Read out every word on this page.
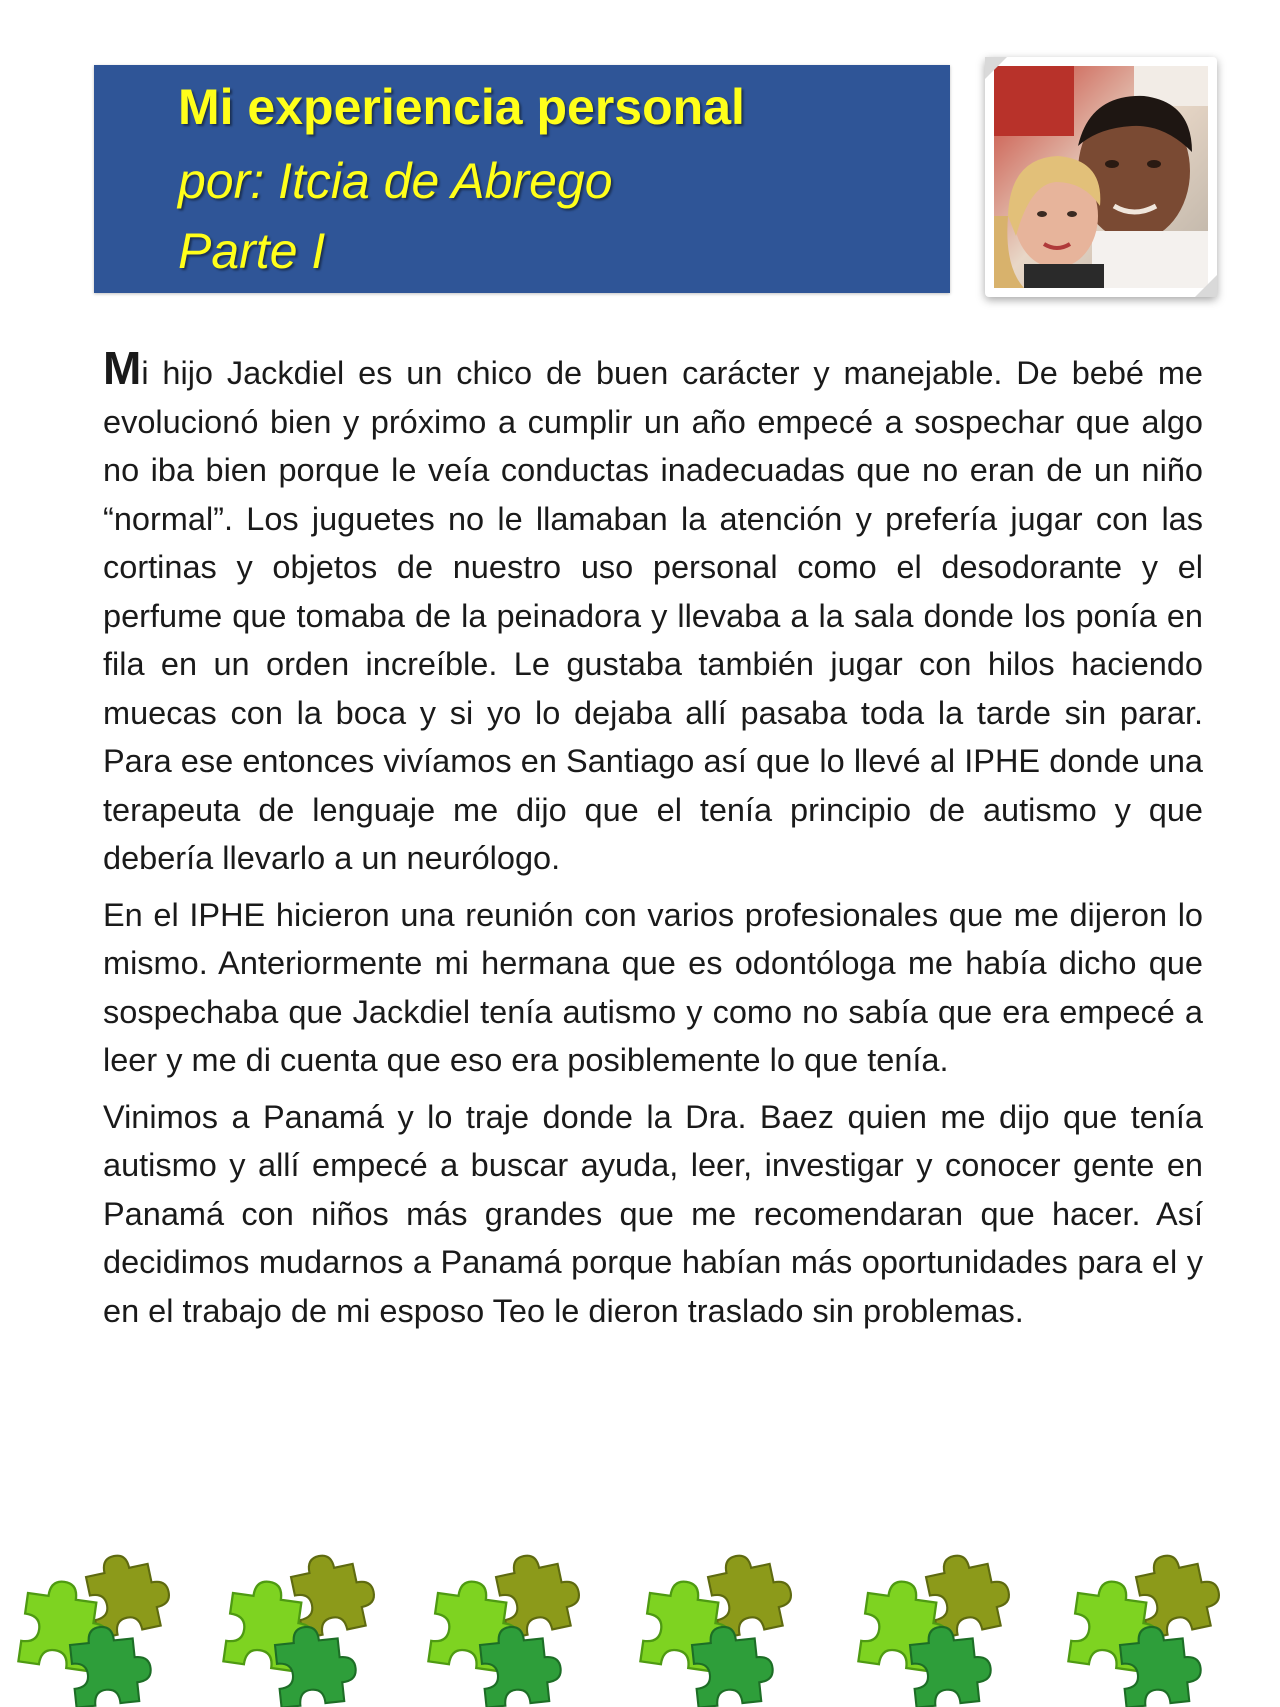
Mi experiencia personal
por: Itcia de Abrego
Parte I

Mi hijo Jackdiel es un chico de buen carácter y manejable. De bebé me evolucionó bien y próximo a cumplir un año empecé a sospechar que algo no iba bien porque le veía conductas inadecuadas que no eran de un niño “normal”. Los juguetes no le llamaban la atención y prefería jugar con las cortinas y objetos de nuestro uso personal como el desodorante y el perfume que tomaba de la peinadora y llevaba a la sala donde los ponía en fila en un orden increíble. Le gustaba también jugar con hilos haciendo muecas con la boca y si yo lo dejaba allí pasaba toda la tarde sin parar. Para ese entonces vivíamos en Santiago así que lo llevé al IPHE donde una terapeuta de lenguaje me dijo que el tenía principio de autismo y que debería llevarlo a un neurólogo.

En el IPHE hicieron una reunión con varios profesionales que me dijeron lo mismo. Anteriormente mi hermana que es odontóloga me había dicho que sospechaba que Jackdiel tenía autismo y como no sabía que era empecé a leer y me di cuenta que eso era posiblemente lo que tenía.

Vinimos a Panamá y lo traje donde la Dra. Baez quien me dijo que tenía autismo y allí empecé a buscar ayuda, leer, investigar y conocer gente en Panamá con niños más grandes que me recomendaran que hacer. Así decidimos mudarnos a Panamá porque habían más oportunidades para el y en el trabajo de mi esposo Teo le dieron traslado sin problemas.
